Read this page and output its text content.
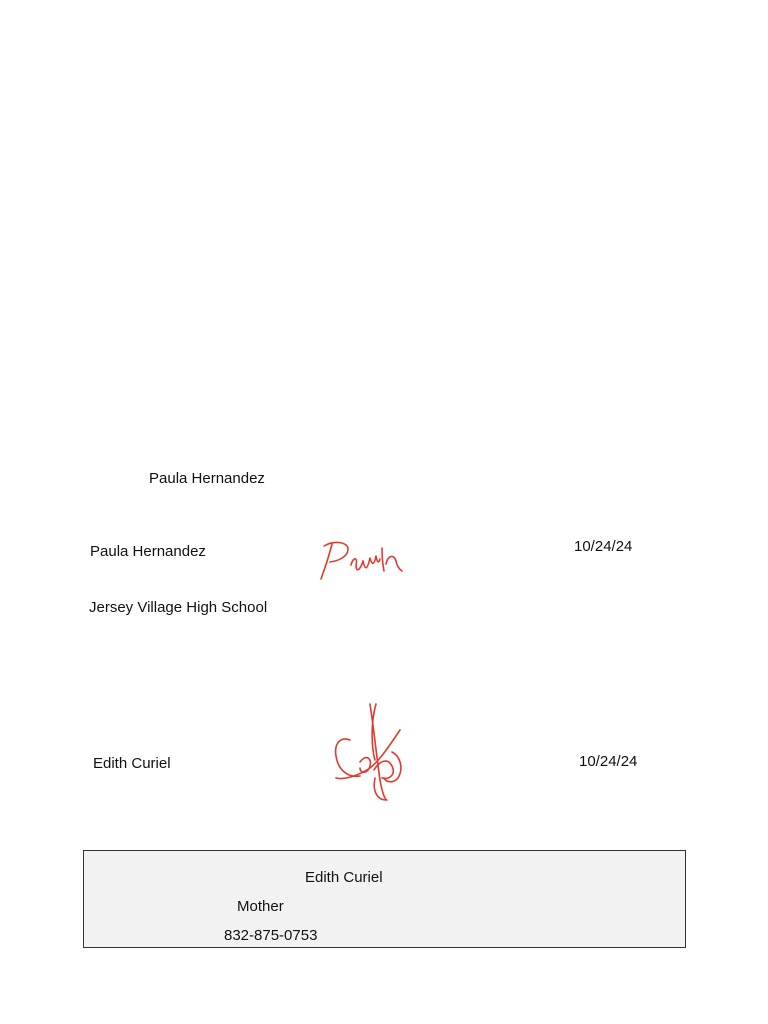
Paula Hernandez
Paula Hernandez	10/24/24
Jersey Village High School
Edith Curiel	10/24/24
Edith Curiel
Mother
832-875-0753
